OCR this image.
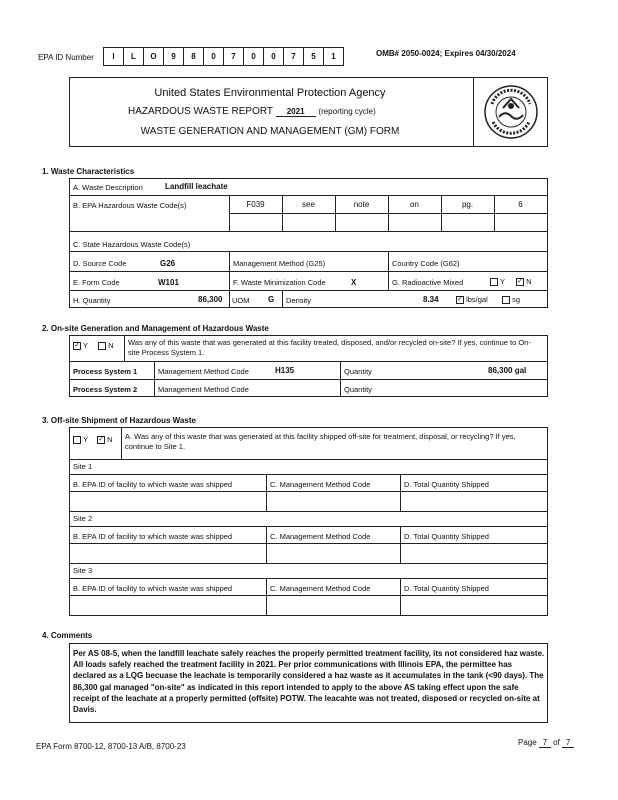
EPA ID Number	I	L	O	9	8	0	7	0	0	7	5	1	OMB# 2050-0024; Expires 04/30/2024
United States Environmental Protection Agency
HAZARDOUS WASTE REPORT 2021 (reporting cycle)
WASTE GENERATION AND MANAGEMENT (GM) FORM
1. Waste Characteristics
A. Waste Description	Landfill leachate
B. EPA Hazardous Waste Code(s)	F039	see	note	on	pg.	6
C. State Hazardous Waste Code(s)
D. Source Code	G26	Management Method (G25)	Country Code (G62)
E. Form Code	W101	F. Waste Minimization Code	X	G. Radioactive Mixed	Y ✓ N
H. Quantity	86,300 UOM G Density	8.34	✓ lbs/gal	sg
2. On-site Generation and Management of Hazardous Waste
✓ Y	N Was any of this waste that was generated at this facility treated, disposed, and/or recycled on-site? If yes, continue to On-site Process System 1.
Process System 1	Management Method Code	H135	Quantity	86,300 gal
Process System 2	Management Method Code	Quantity
3. Off-site Shipment of Hazardous Waste
Y ✓ N A. Was any of this waste that was generated at this facility shipped off-site for treatment, disposal, or recycling? If yes, continue to Site 1.
Site 1
B. EPA ID of facility to which waste was shipped	C. Management Method Code	D. Total Quantity Shipped
Site 2
B. EPA ID of facility to which waste was shipped	C. Management Method Code	D. Total Quantity Shipped
Site 3
B. EPA ID of facility to which waste was shipped	C. Management Method Code	D. Total Quantity Shipped
4. Comments
Per AS 08-5, when the landfill leachate safely reaches the properly permitted treatment facility, its not considered haz waste. All loads safely reached the treatment facility in 2021. Per prior communications with Illinois EPA, the permittee has declared as a LQG becuase the leachate is temporarily considered a haz waste as it accumulates in the tank (<90 days). The 86,300 gal managed "on-site" as indicated in this report intended to apply to the above AS taking effect upon the safe receipt of the leachate at a properly permitted (offsite) POTW. The leacahte was not treated, disposed or recycled on-site at Davis.
EPA Form 8700-12, 8700-13 A/B, 8700-23	Page 7 of 7
